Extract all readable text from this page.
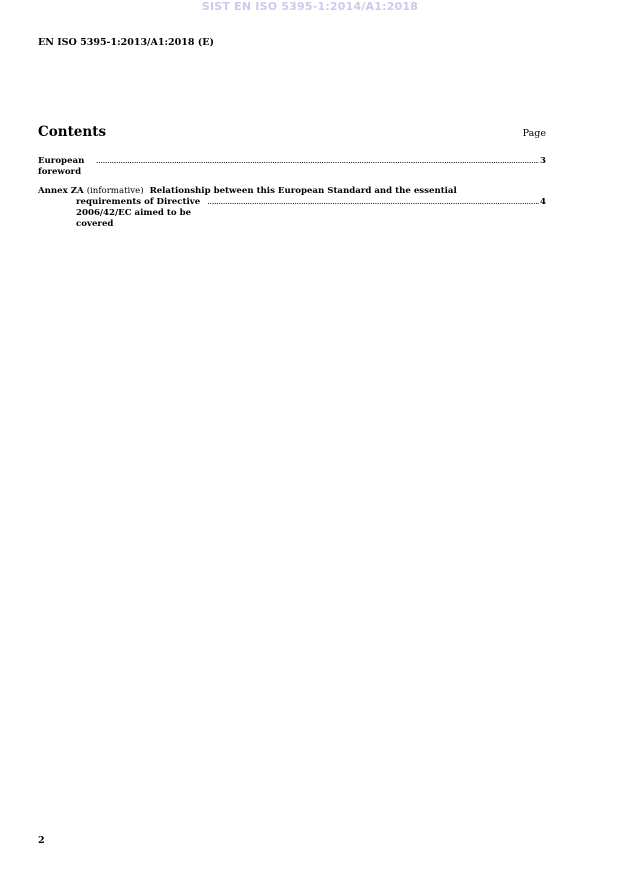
SIST EN ISO 5395-1:2014/A1:2018
EN ISO 5395-1:2013/A1:2018 (E)
Contents	Page
European foreword
.....
3
Annex ZA (informative) Relationship between this European Standard and the essential
requirements of Directive 2006/42/EC aimed to be covered
.....
4
2
